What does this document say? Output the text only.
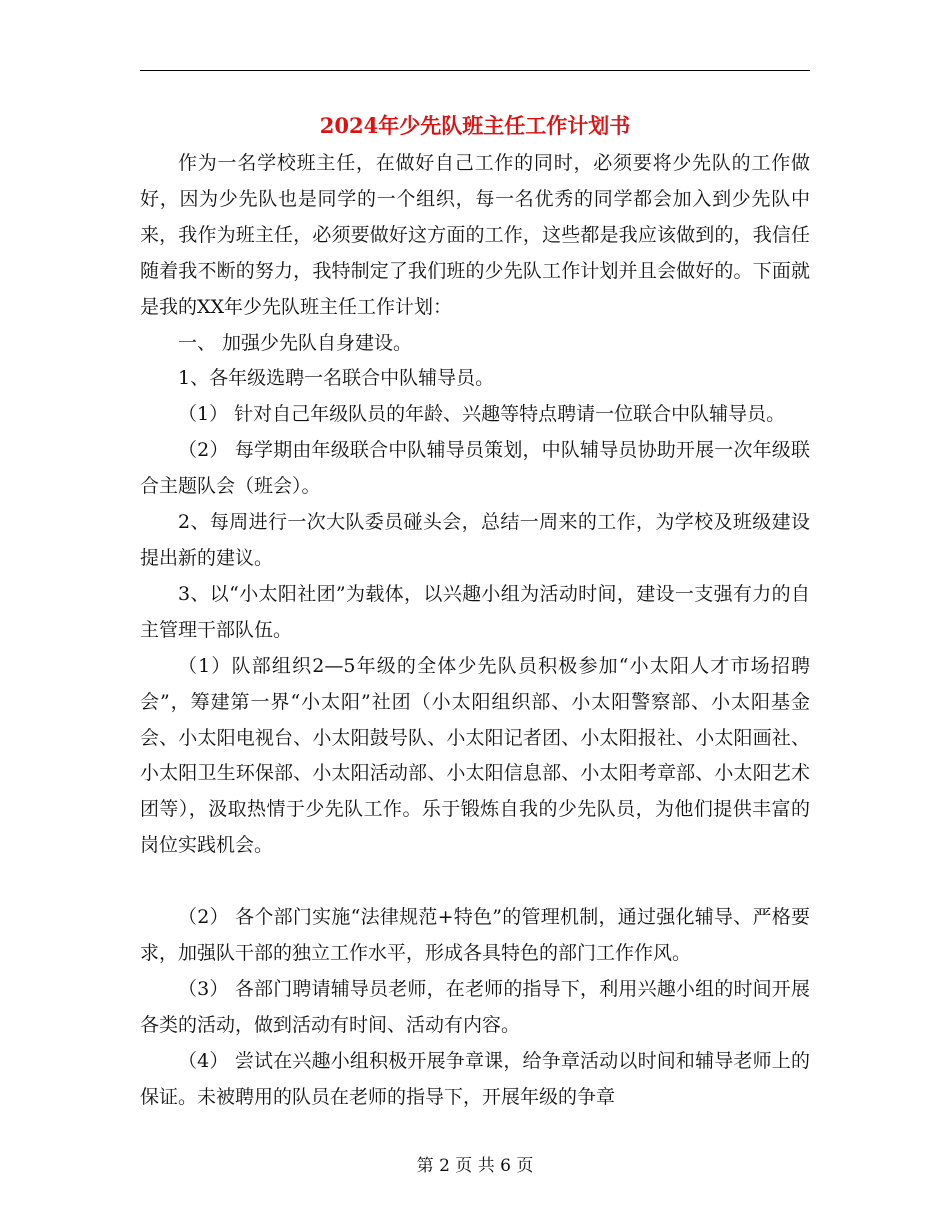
2024年少先队班主任工作计划书

作为一名学校班主任，在做好自己工作的同时，必须要将少先队的工作做好，因为少先队也是同学的一个组织，每一名优秀的同学都会加入到少先队中来，我作为班主任，必须要做好这方面的工作，这些都是我应该做到的，我信任随着我不断的努力，我特制定了我们班的少先队工作计划并且会做好的。下面就是我的XX年少先队班主任工作计划：

一、 加强少先队自身建设。

1、各年级选聘一名联合中队辅导员。

（1） 针对自己年级队员的年龄、兴趣等特点聘请一位联合中队辅导员。

（2） 每学期由年级联合中队辅导员策划，中队辅导员协助开展一次年级联合主题队会（班会）。

2、每周进行一次大队委员碰头会，总结一周来的工作，为学校及班级建设提出新的建议。

3、以“小太阳社团”为载体，以兴趣小组为活动时间，建设一支强有力的自主管理干部队伍。

（1）队部组织2—5年级的全体少先队员积极参加“小太阳人才市场招聘会”，筹建第一界“小太阳”社团（小太阳组织部、小太阳警察部、小太阳基金会、小太阳电视台、小太阳鼓号队、小太阳记者团、小太阳报社、小太阳画社、小太阳卫生环保部、小太阳活动部、小太阳信息部、小太阳考章部、小太阳艺术团等），汲取热情于少先队工作。乐于锻炼自我的少先队员，为他们提供丰富的岗位实践机会。

（2） 各个部门实施“法律规范+特色”的管理机制，通过强化辅导、严格要求，加强队干部的独立工作水平，形成各具特色的部门工作作风。

（3） 各部门聘请辅导员老师，在老师的指导下，利用兴趣小组的时间开展各类的活动，做到活动有时间、活动有内容。

（4） 尝试在兴趣小组积极开展争章课，给争章活动以时间和辅导老师上的保证。未被聘用的队员在老师的指导下，开展年级的争章

第 2 页 共 6 页
